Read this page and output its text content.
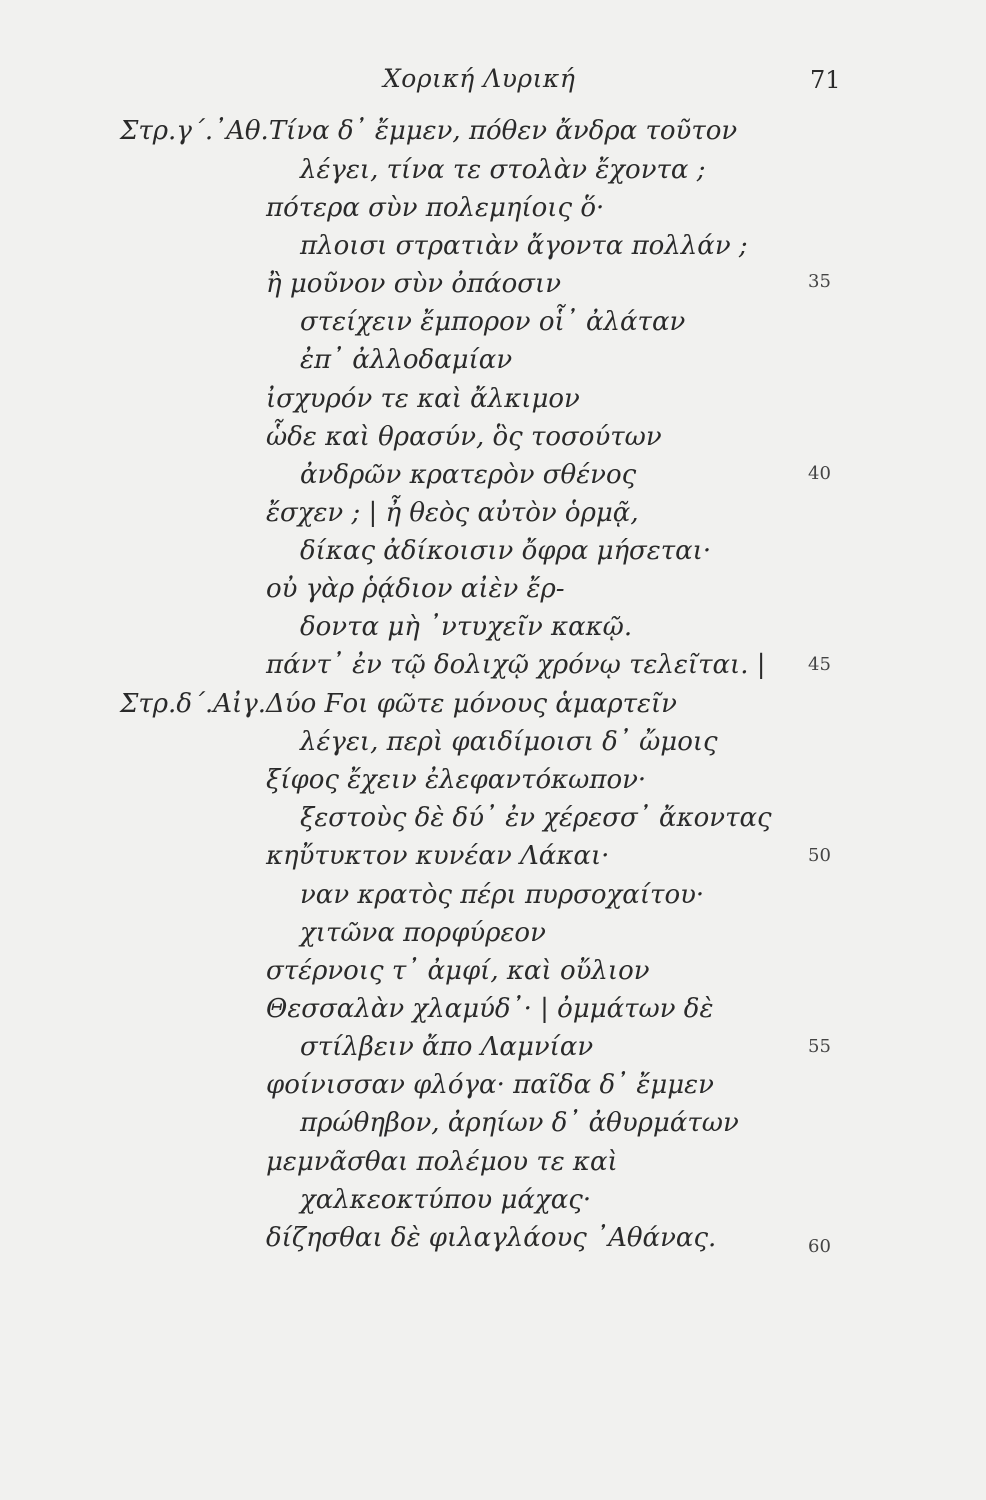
Χορική Λυρική	71
Στρ.γ΄.᾽Αθ.Τίνα δ᾽ ἔμμεν, πόθεν ἄνδρα τοῦτον
λέγει, τίνα τε στολὰν ἔχοντα ;
πότερα σὺν πολεμηίοις ὅ·
πλοισι στρατιὰν ἄγοντα πολλάν ;
ἢ μοῦνον σὺν ὀπάοσιν
στείχειν ἔμπορον οἷ᾽ ἀλάταν
ἐπ᾽ ἀλλοδαμίαν
ἰσχυρόν τε καὶ ἄλκιμον
ὧδε καὶ θρασύν, ὃς τοσούτων
ἀνδρῶν κρατερὸν σθένος
ἔσχεν ; | ἦ θεὸς αὐτὸν ὁρμᾷ,
δίκας ἀδίκοισιν ὄφρα μήσεται·
οὐ γὰρ ῥᾴδιον αἰὲν ἔρ-
δοντα μὴ ᾽ντυχεῖν κακῷ.
πάντ᾽ ἐν τῷ δολιχῷ χρόνῳ τελεῖται. |
Στρ.δ΄.Αἰγ.Δύο Ϝοι φῶτε μόνους ἁμαρτεῖν
λέγει, περὶ φαιδίμοισι δ᾽ ὤμοις
ξίφος ἔχειν ἐλεφαντόκωπον·
ξεστοὺς δὲ δύ᾽ ἐν χέρεσσ᾽ ἄκοντας
κηὔτυκτον κυνέαν Λάκαι·
ναν κρατὸς πέρι πυρσοχαίτου·
χιτῶνα πορφύρεον
στέρνοις τ᾽ ἀμφί, καὶ οὔλιον
Θεσσαλὰν χλαμύδ᾽· | ὀμμάτων δὲ
στίλβειν ἄπο Λαμνίαν
φοίνισσαν φλόγα· παῖδα δ᾽ ἔμμεν
πρώθηβον, ἀρηίων δ᾽ ἀθυρμάτων
μεμνᾶσθαι πολέμου τε καὶ
χαλκεοκτύπου μάχας·
δίζησθαι δὲ φιλαγλάους ᾽Αθάνας.
35
40
45
50
55
60
